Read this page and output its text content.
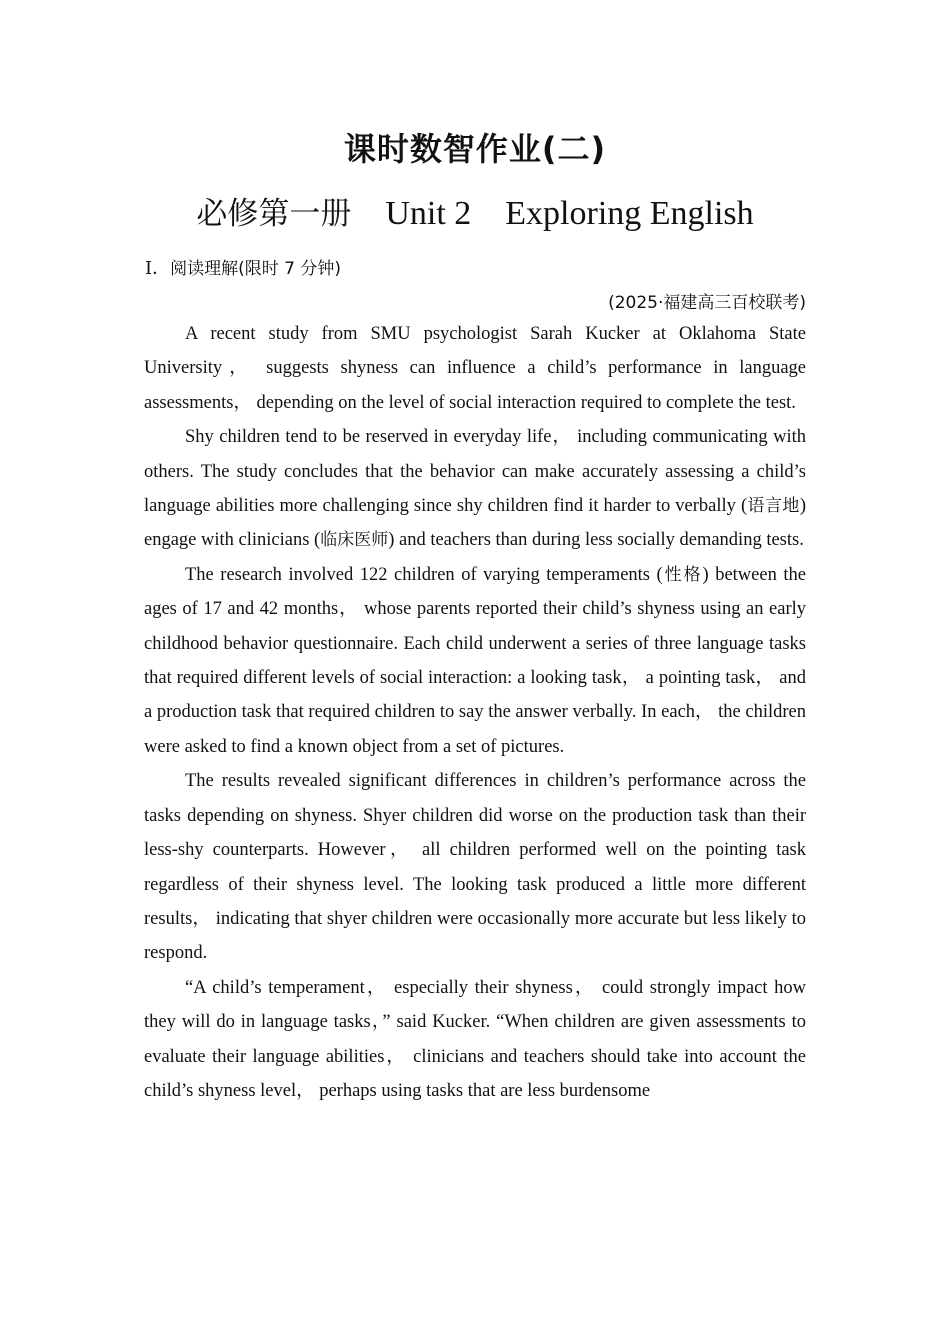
课时数智作业(二)
必修第一册 Unit 2 Exploring English
Ⅰ．阅读理解(限时 7 分钟)
(2025·福建高三百校联考)

A recent study from SMU psychologist Sarah Kucker at Oklahoma State University， suggests shyness can influence a child’s performance in language assessments， depending on the level of social interaction required to complete the test.

Shy children tend to be reserved in everyday life， including communicating with others. The study concludes that the behavior can make accurately assessing a child’s language abilities more challenging since shy children find it harder to verbally (语言地) engage with clinicians (临床医师) and teachers than during less socially demanding tests.

The research involved 122 children of varying temperaments (性格) between the ages of 17 and 42 months， whose parents reported their child’s shyness using an early childhood behavior questionnaire. Each child underwent a series of three language tasks that required different levels of social interaction: a looking task， a pointing task， and a production task that required children to say the answer verbally. In each， the children were asked to find a known object from a set of pictures.

The results revealed significant differences in children’s performance across the tasks depending on shyness. Shyer children did worse on the production task than their less-shy counterparts. However， all children performed well on the pointing task regardless of their shyness level. The looking task produced a little more different results， indicating that shyer children were occasionally more accurate but less likely to respond.

“A child’s temperament， especially their shyness， could strongly impact how they will do in language tasks，” said Kucker. “When children are given assessments to evaluate their language abilities， clinicians and teachers should take into account the child’s shyness level， perhaps using tasks that are less burdensome
